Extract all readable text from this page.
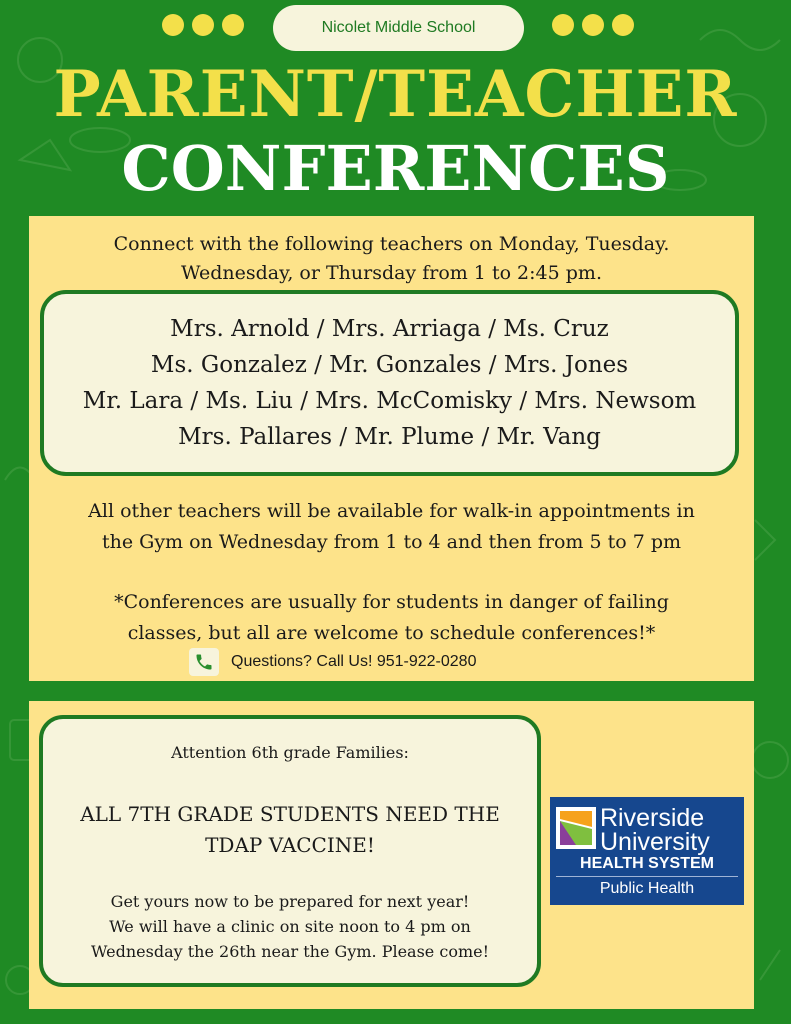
Nicolet Middle School
PARENT/TEACHER
CONFERENCES
Connect with the following teachers on Monday, Tuesday.
Wednesday, or Thursday from 1 to 2:45 pm.
Mrs. Arnold / Mrs. Arriaga / Ms. Cruz
Ms. Gonzalez / Mr. Gonzales / Mrs. Jones
Mr. Lara / Ms. Liu / Mrs. McComisky / Mrs. Newsom
Mrs. Pallares / Mr. Plume / Mr. Vang
All other teachers will be available for walk-in appointments in
the Gym on Wednesday from 1 to 4 and then from 5 to 7 pm
*Conferences are usually for students in danger of failing
classes, but all are welcome to schedule conferences!*
Questions? Call Us! 951-922-0280
Attention 6th grade Families:
ALL 7TH GRADE STUDENTS NEED THE
TDAP VACCINE!
Get yours now to be prepared for next year!
We will have a clinic on site noon to 4 pm on
Wednesday the 26th near the Gym. Please come!
Riverside
University
HEALTH SYSTEM
Public Health
